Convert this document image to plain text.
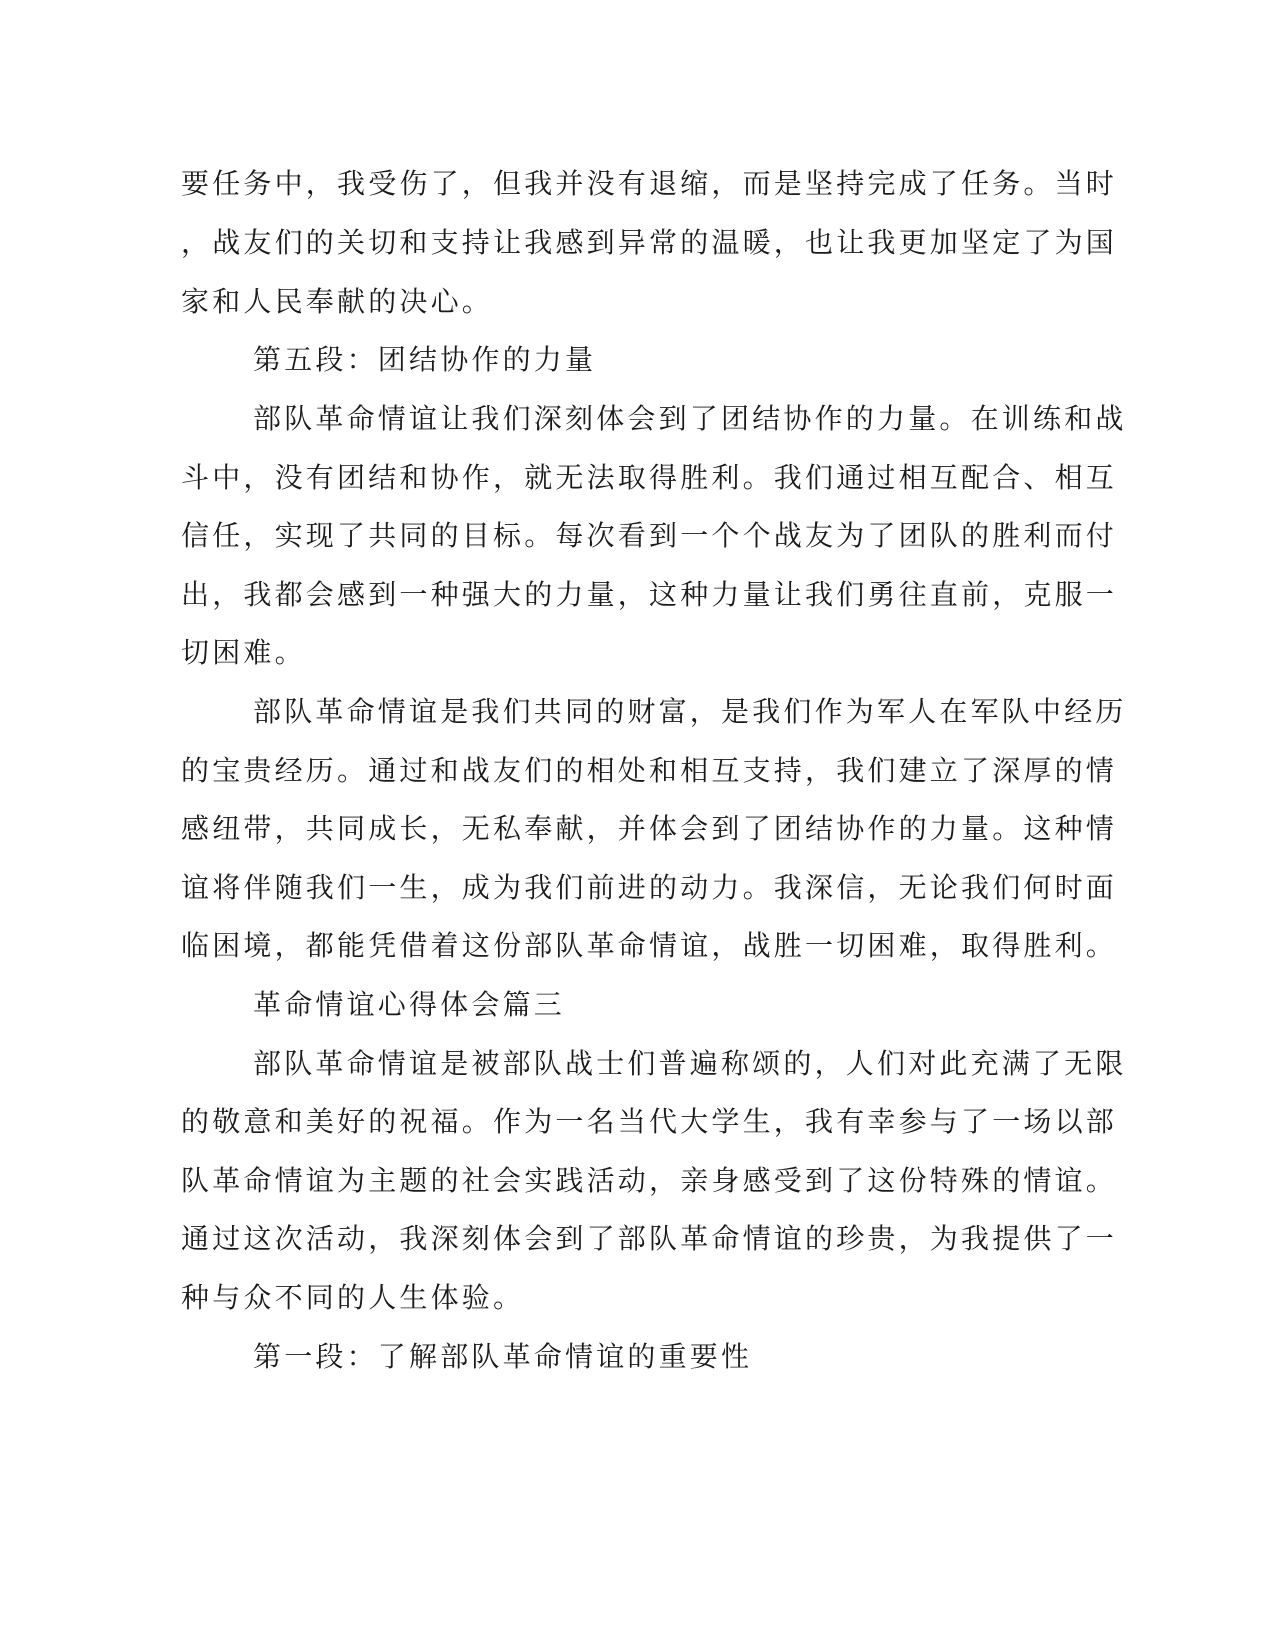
要任务中，我受伤了，但我并没有退缩，而是坚持完成了任务。当时
，战友们的关切和支持让我感到异常的温暖，也让我更加坚定了为国
家和人民奉献的决心。
第五段：团结协作的力量
部队革命情谊让我们深刻体会到了团结协作的力量。在训练和战
斗中，没有团结和协作，就无法取得胜利。我们通过相互配合、相互
信任，实现了共同的目标。每次看到一个个战友为了团队的胜利而付
出，我都会感到一种强大的力量，这种力量让我们勇往直前，克服一
切困难。
部队革命情谊是我们共同的财富，是我们作为军人在军队中经历
的宝贵经历。通过和战友们的相处和相互支持，我们建立了深厚的情
感纽带，共同成长，无私奉献，并体会到了团结协作的力量。这种情
谊将伴随我们一生，成为我们前进的动力。我深信，无论我们何时面
临困境，都能凭借着这份部队革命情谊，战胜一切困难，取得胜利。
革命情谊心得体会篇三
部队革命情谊是被部队战士们普遍称颂的，人们对此充满了无限
的敬意和美好的祝福。作为一名当代大学生，我有幸参与了一场以部
队革命情谊为主题的社会实践活动，亲身感受到了这份特殊的情谊。
通过这次活动，我深刻体会到了部队革命情谊的珍贵，为我提供了一
种与众不同的人生体验。
第一段：了解部队革命情谊的重要性
